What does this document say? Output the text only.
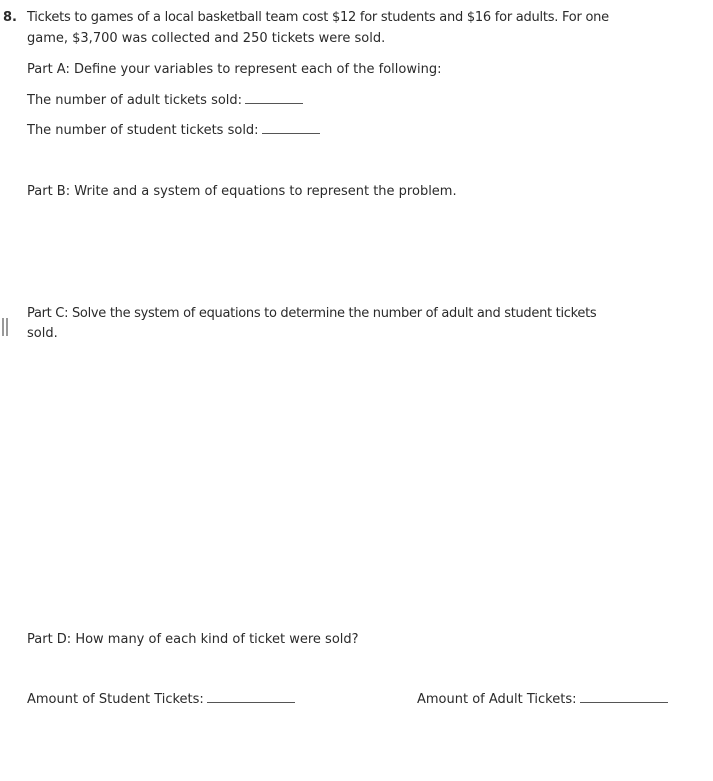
8. Tickets to games of a local basketball team cost $12 for students and $16 for adults. For one
game, $3,700 was collected and 250 tickets were sold.
Part A: Define your variables to represent each of the following:
The number of adult tickets sold:
The number of student tickets sold:
Part B: Write and a system of equations to represent the problem.
Part C: Solve the system of equations to determine the number of adult and student tickets
sold.
Part D: How many of each kind of ticket were sold?
Amount of Student Tickets:	Amount of Adult Tickets:
